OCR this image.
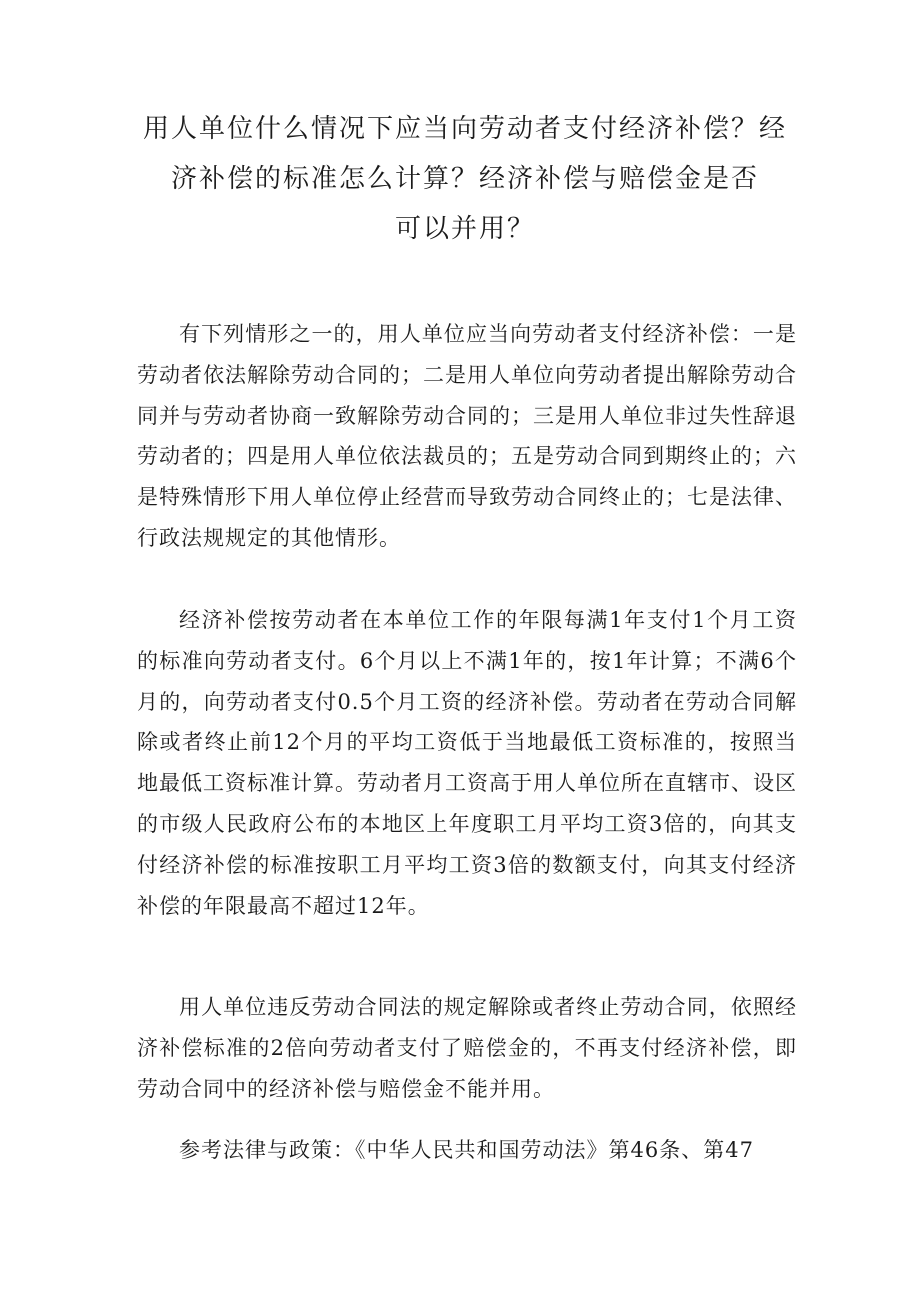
用人单位什么情况下应当向劳动者支付经济补偿？经
济补偿的标准怎么计算？经济补偿与赔偿金是否
可以并用？

有下列情形之一的，用人单位应当向劳动者支付经济补偿：一是劳动者依法解除劳动合同的；二是用人单位向劳动者提出解除劳动合同并与劳动者协商一致解除劳动合同的；三是用人单位非过失性辞退劳动者的；四是用人单位依法裁员的；五是劳动合同到期终止的；六是特殊情形下用人单位停止经营而导致劳动合同终止的；七是法律、行政法规规定的其他情形。

经济补偿按劳动者在本单位工作的年限每满1年支付1个月工资的标准向劳动者支付。6个月以上不满1年的，按1年计算；不满6个月的，向劳动者支付0.5个月工资的经济补偿。劳动者在劳动合同解除或者终止前12个月的平均工资低于当地最低工资标准的，按照当地最低工资标准计算。劳动者月工资高于用人单位所在直辖市、设区的市级人民政府公布的本地区上年度职工月平均工资3倍的，向其支付经济补偿的标准按职工月平均工资3倍的数额支付，向其支付经济补偿的年限最高不超过12年。

用人单位违反劳动合同法的规定解除或者终止劳动合同，依照经济补偿标准的2倍向劳动者支付了赔偿金的，不再支付经济补偿，即劳动合同中的经济补偿与赔偿金不能并用。

参考法律与政策：《中华人民共和国劳动法》第46条、第47
